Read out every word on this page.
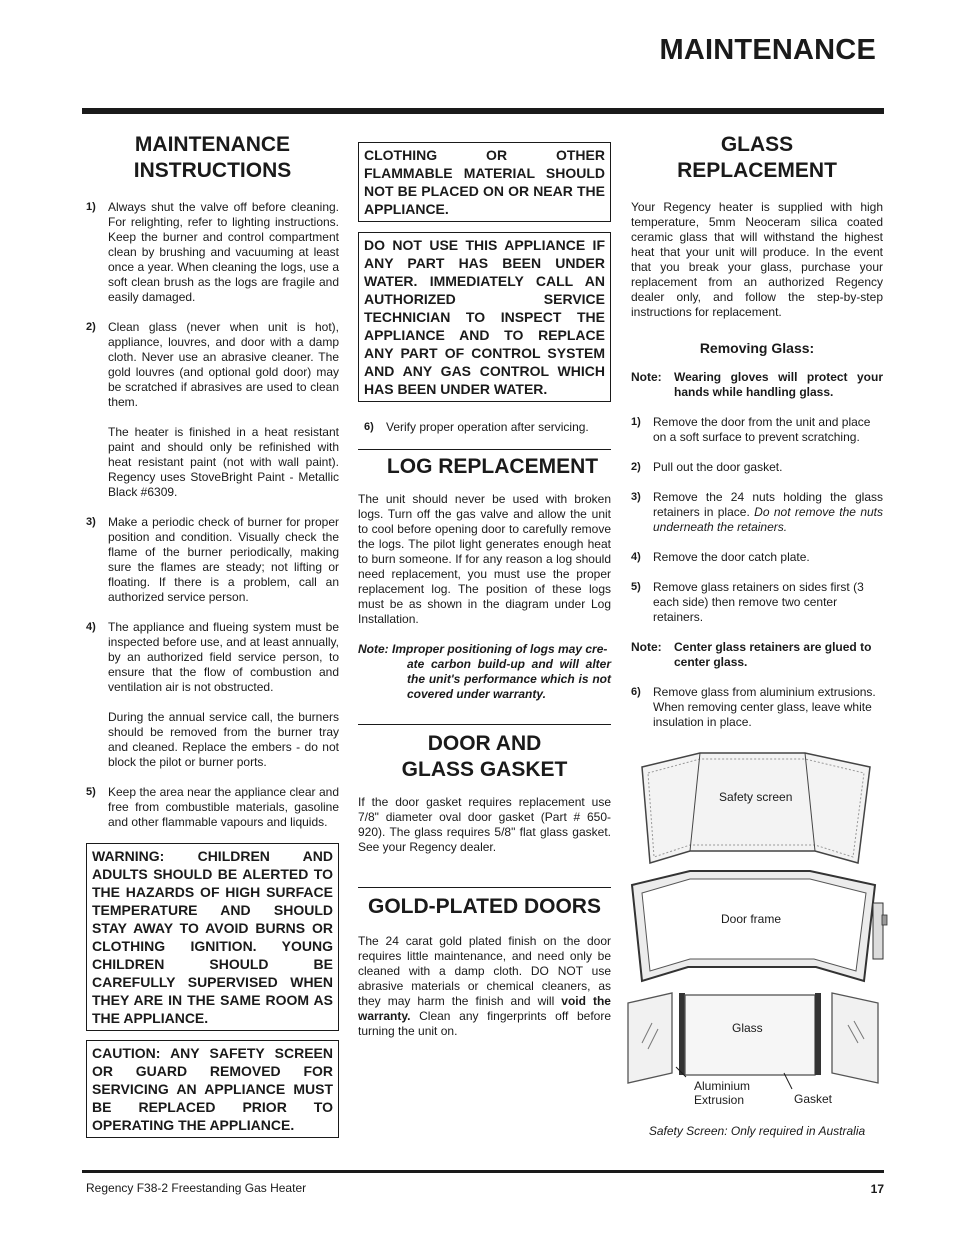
MAINTENANCE
MAINTENANCE
INSTRUCTIONS
1)	Always shut the valve off before cleaning. For relighting, refer to lighting instructions. Keep the burner and control compartment clean by brushing and vacuuming at least once a year. When cleaning the logs, use a soft clean brush as the logs are fragile and easily damaged.
2)	Clean glass (never when unit is hot), appliance, louvres, and door with a damp cloth. Never use an abrasive cleaner. The gold louvres (and optional gold door) may be scratched if abrasives are used to clean them.
The heater is finished in a heat resistant paint and should only be refinished with heat resistant paint (not with wall paint). Regency uses StoveBright Paint - Metallic Black #6309.
3)	Make a periodic check of burner for proper position and condition. Visually check the flame of the burner periodically, making sure the flames are steady; not lifting or floating. If there is a problem, call an authorized service person.
4)	The appliance and flueing system must be inspected before use, and at least annually, by an authorized field service person, to ensure that the flow of combustion and ventilation air is not obstructed.
During the annual service call, the burners should be removed from the burner tray and cleaned. Replace the embers - do not block the pilot or burner ports.
5)	Keep the area near the appliance clear and free from combustible materials, gasoline and other flammable vapours and liquids.
WARNING: CHILDREN AND ADULTS SHOULD BE ALERTED TO THE HAZARDS OF HIGH SURFACE TEMPERATURE AND SHOULD STAY AWAY TO AVOID BURNS OR CLOTHING IGNITION. YOUNG CHILDREN SHOULD BE CAREFULLY SUPERVISED WHEN THEY ARE IN THE SAME ROOM AS THE APPLIANCE.
CAUTION: ANY SAFETY SCREEN OR GUARD REMOVED FOR SERVICING AN APPLIANCE MUST BE REPLACED PRIOR TO OPERATING THE APPLIANCE.
CLOTHING OR OTHER FLAMMABLE MATERIAL SHOULD NOT BE PLACED ON OR NEAR THE APPLIANCE.
DO NOT USE THIS APPLIANCE IF ANY PART HAS BEEN UNDER WATER. IMMEDIATELY CALL AN AUTHORIZED SERVICE TECHNICIAN TO INSPECT THE APPLIANCE AND TO REPLACE ANY PART OF CONTROL SYSTEM AND ANY GAS CONTROL WHICH HAS BEEN UNDER WATER.
6)	Verify proper operation after servicing.
LOG REPLACEMENT

The unit should never be used with broken logs. Turn off the gas valve and allow the unit to cool before opening door to carefully remove the logs. The pilot light generates enough heat to burn someone. If for any reason a log should need replacement, you must use the proper replacement log. The position of these logs must be as shown in the diagram under Log Installation.

Note: Improper positioning of logs may cre-
ate carbon build-up and will alter the unit's performance which is not covered under warranty.
DOOR AND
GLASS GASKET

If the door gasket requires replacement use 7/8" diameter oval door gasket (Part # 650-920). The glass requires 5/8" flat glass gasket. See your Regency dealer.

GOLD-PLATED DOORS

The 24 carat gold plated finish on the door requires little maintenance, and need only be cleaned with a damp cloth. DO NOT use abrasive materials or chemical cleaners, as they may harm the finish and will void the warranty. Clean any fingerprints off before turning the unit on.

GLASS
REPLACEMENT

Your Regency heater is supplied with high temperature, 5mm Neoceram silica coated ceramic glass that will withstand the highest heat that your unit will produce. In the event that you break your glass, purchase your replacement from an authorized Regency dealer only, and follow the step-by-step instructions for replacement.

Removing Glass:
Note:	Wearing gloves will protect your hands while handling glass.
1)	Remove the door from the unit and place on a soft surface to prevent scratching.
2)	Pull out the door gasket.
3)	Remove the 24 nuts holding the glass retainers in place. Do not remove the nuts underneath the retainers.
4)	Remove the door catch plate.
5)	Remove glass retainers on sides first (3 each side) then remove two center retainers.
Note:	Center glass retainers are glued to center glass.
6)	Remove glass from aluminium extrusions. When removing center glass, leave white insulation in place.
Safety screen
Door frame
Glass
Aluminium Extrusion	Gasket
Safety Screen: Only required in Australia
Regency F38-2 Freestanding Gas Heater	17
